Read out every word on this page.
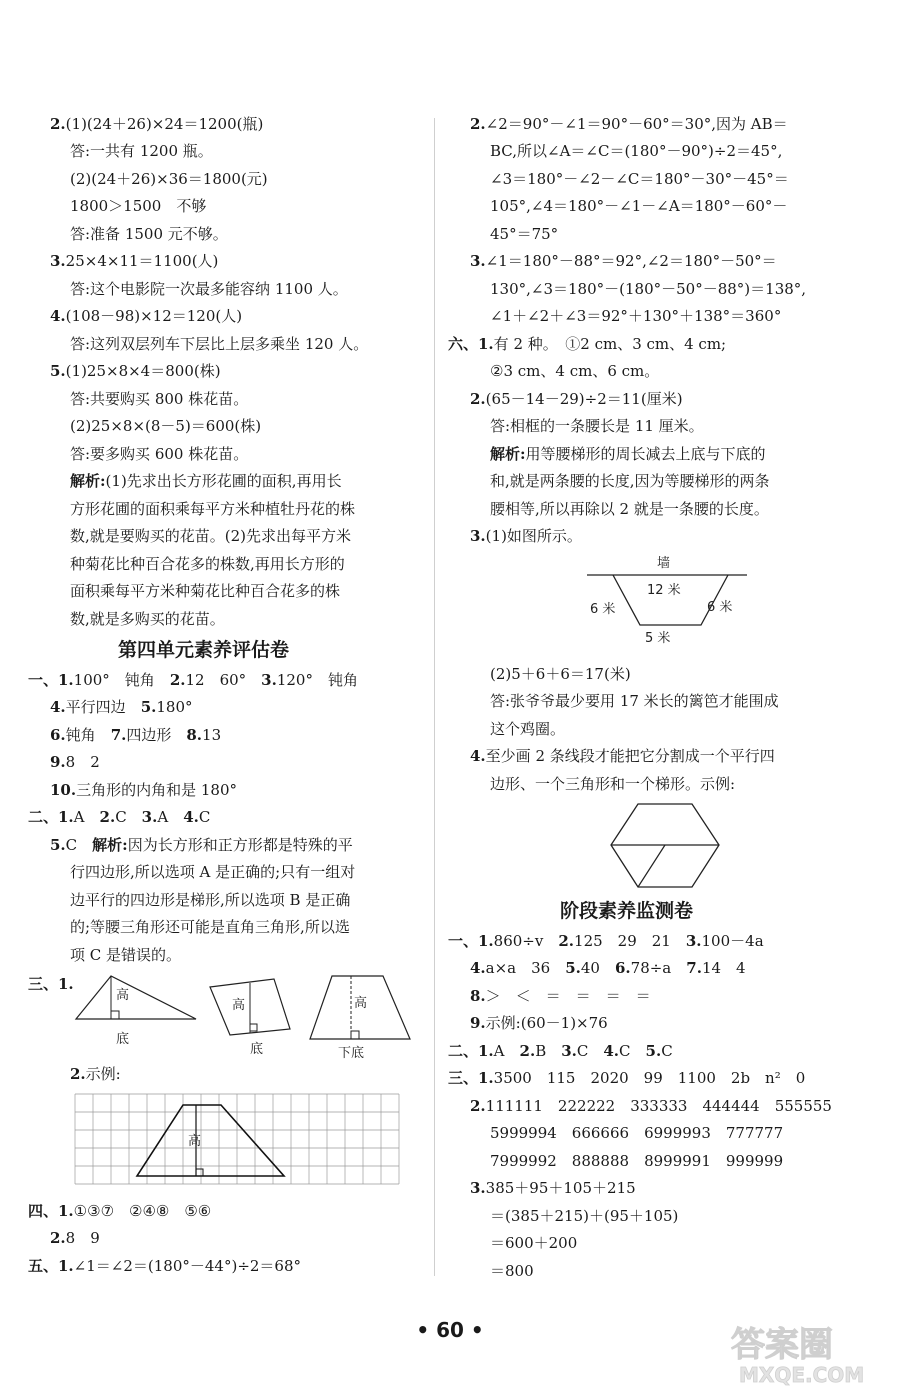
2.(1)(24＋26)×24＝1200(瓶)
答:一共有 1200 瓶。
(2)(24＋26)×36＝1800(元)
1800＞1500　不够
答:准备 1500 元不够。
3.25×4×11＝1100(人)
答:这个电影院一次最多能容纳 1100 人。
4.(108－98)×12＝120(人)
答:这列双层列车下层比上层多乘坐 120 人。
5.(1)25×8×4＝800(株)
答:共要购买 800 株花苗。
(2)25×8×(8－5)＝600(株)
答:要多购买 600 株花苗。
解析:(1)先求出长方形花圃的面积,再用长
方形花圃的面积乘每平方米种植牡丹花的株
数,就是要购买的花苗。(2)先求出每平方米
种菊花比种百合花多的株数,再用长方形的
面积乘每平方米种菊花比种百合花多的株
数,就是多购买的花苗。
第四单元素养评估卷
一、1.100°　钝角　2.12　60°　3.120°　钝角
4.平行四边　5.180°
6.钝角　7.四边形　8.13
9.8　2
10.三角形的内角和是 180°
二、1.A　2.C　3.A　4.C
5.C　解析:因为长方形和正方形都是特殊的平
行四边形,所以选项 A 是正确的;只有一组对
边平行的四边形是梯形,所以选项 B 是正确
的;等腰三角形还可能是直角三角形,所以选
项 C 是错误的。
三、1.
高
底
高
底
高
下底
2.示例:
高
四、1.①③⑦　②④⑧　⑤⑥
2.8　9
五、1.∠1＝∠2＝(180°－44°)÷2＝68°
2.∠2＝90°－∠1＝90°－60°＝30°,因为 AB＝
BC,所以∠A＝∠C＝(180°－90°)÷2＝45°,
∠3＝180°－∠2－∠C＝180°－30°－45°＝
105°,∠4＝180°－∠1－∠A＝180°－60°－
45°＝75°
3.∠1＝180°－88°＝92°,∠2＝180°－50°＝
130°,∠3＝180°－(180°－50°－88°)＝138°,
∠1＋∠2＋∠3＝92°＋130°＋138°＝360°
六、1.有 2 种。　①2 cm、3 cm、4 cm;
②3 cm、4 cm、6 cm。
2.(65－14－29)÷2＝11(厘米)
答:相框的一条腰长是 11 厘米。
解析:用等腰梯形的周长减去上底与下底的
和,就是两条腰的长度,因为等腰梯形的两条
腰相等,所以再除以 2 就是一条腰的长度。
3.(1)如图所示。
墙
12 米
6 米	6 米
5 米
(2)5＋6＋6＝17(米)
答:张爷爷最少要用 17 米长的篱笆才能围成
这个鸡圈。
4.至少画 2 条线段才能把它分割成一个平行四
边形、一个三角形和一个梯形。示例:
阶段素养监测卷
一、1.860÷v　2.125　29　21　3.100－4a
4.a×a　36　5.40　6.78÷a　7.14　4
8.＞　＜　＝　＝　＝　＝
9.示例:(60－1)×76
二、1.A　2.B　3.C　4.C　5.C
三、1.3500　115　2020　99　1100　2b　n²　0
2.111111　222222　333333　444444　555555
5999994　666666　6999993　777777
7999992　888888　8999991　999999
3.385＋95＋105＋215
＝(385＋215)＋(95＋105)
＝600＋200
＝800
• 60 •	答案圈
MXQE.COM
